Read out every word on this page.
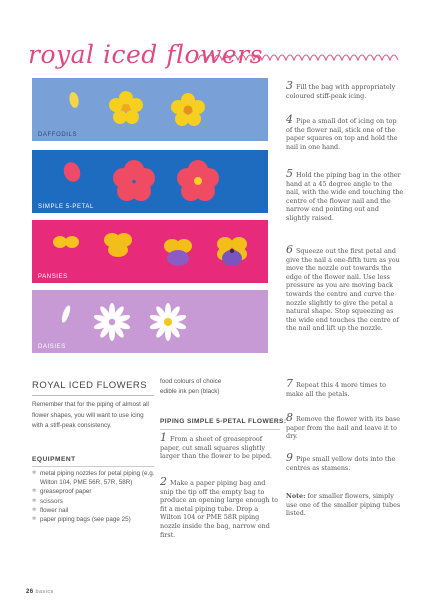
royal iced flowers
DAFFODILS
SIMPLE 5-PETAL
PANSIES
DAISIES
ROYAL ICED FLOWERS
Remember that for the piping of almost all flower shapes, you will want to use icing with a stiff-peak consistency.
EQUIPMENT
✻ metal piping nozzles for petal piping (e.g. Wilton 104, PME 56R, 57R, 58R)
✻ greaseproof paper
✻ scissors
✻ flower nail
✻ paper piping bags (see page 25)
food colours of choice
edible ink pen (black)
PIPING SIMPLE 5-PETAL FLOWERS:
1 From a sheet of greaseproof paper, cut small squares slightly larger than the flower to be piped.
2 Make a paper piping bag and snip the tip off the empty bag to produce an opening large enough to fit a metal piping tube. Drop a Wilton 104 or PME 58R piping nozzle inside the bag, narrow end first.
3 Fill the bag with appropriately coloured stiff-peak icing.
4 Pipe a small dot of icing on top of the flower nail, stick one of the paper squares on top and hold the nail in one hand.
5 Hold the piping bag in the other hand at a 45 degree angle to the nail, with the wide end touching the centre of the flower nail and the narrow end pointing out and slightly raised.
6 Squeeze out the first petal and give the nail a one-fifth turn as you move the nozzle out towards the edge of the flower nail. Use less pressure as you are moving back towards the centre and curve the nozzle slightly to give the petal a natural shape. Stop squeezing as the wide end touches the centre of the nail and lift up the nozzle.
7 Repeat this 4 more times to make all the petals.
8 Remove the flower with its base paper from the nail and leave it to dry.
9 Pipe small yellow dots into the centres as stamens.
Note: for smaller flowers, simply use one of the smaller piping tubes listed.
26 basics
